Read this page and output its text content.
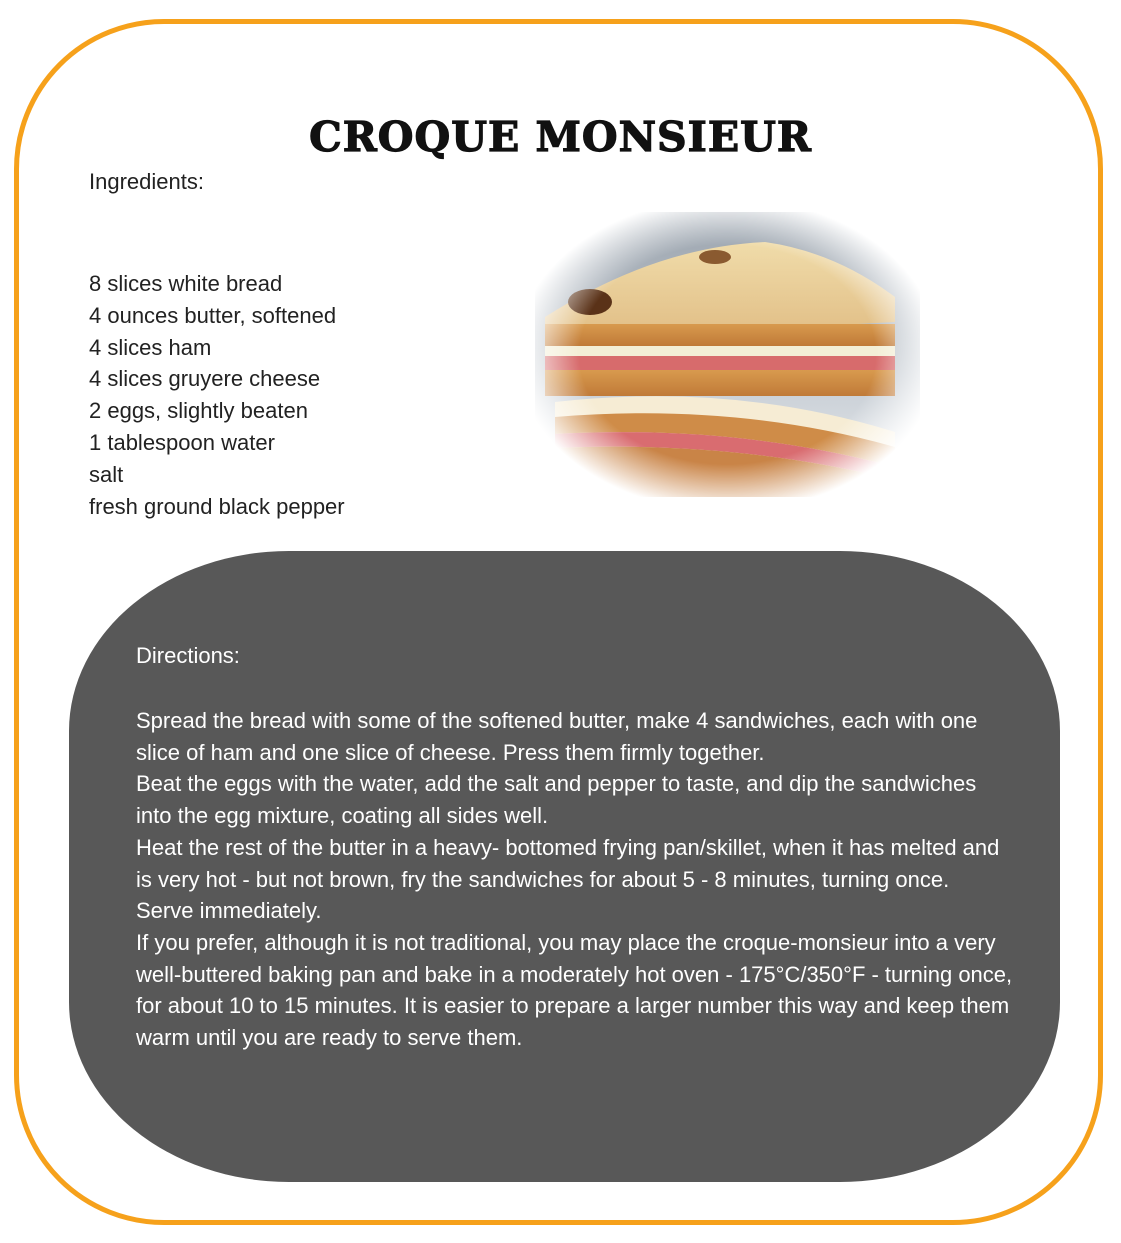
CROQUE MONSIEUR
Ingredients:
8 slices white bread
4 ounces butter, softened
4 slices ham
4 slices gruyere cheese
2 eggs, slightly beaten
1 tablespoon water
salt
fresh ground black pepper
Directions:
Spread the bread with some of the softened butter, make 4 sandwiches, each with one slice of ham and one slice of cheese. Press them firmly together.
Beat the eggs with the water, add the salt and pepper to taste, and dip the sandwiches into the egg mixture, coating all sides well.
Heat the rest of the butter in a heavy- bottomed frying pan/skillet, when it has melted and is very hot - but not brown, fry the sandwiches for about 5 - 8 minutes, turning once.
Serve immediately.
If you prefer, although it is not traditional, you may place the croque-monsieur into a very well-buttered baking pan and bake in a moderately hot oven - 175°C/350°F - turning once, for about 10 to 15 minutes. It is easier to prepare a larger number this way and keep them warm until you are ready to serve them.
